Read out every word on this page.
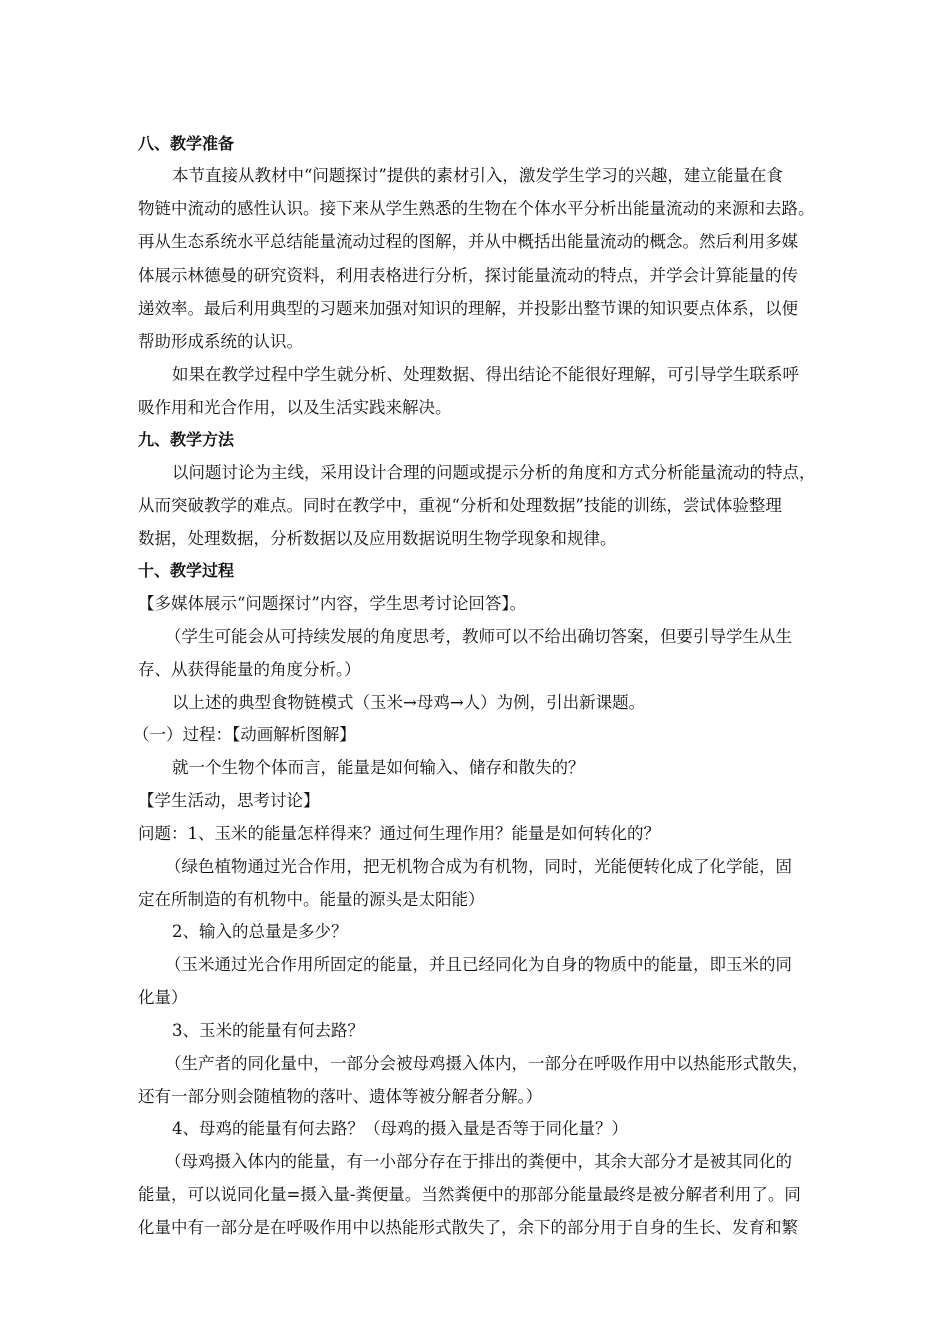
八、教学准备
本节直接从教材中“问题探讨”提供的素材引入，激发学生学习的兴趣，建立能量在食
物链中流动的感性认识。接下来从学生熟悉的生物在个体水平分析出能量流动的来源和去路。
再从生态系统水平总结能量流动过程的图解，并从中概括出能量流动的概念。然后利用多媒
体展示林德曼的研究资料，利用表格进行分析，探讨能量流动的特点，并学会计算能量的传
递效率。最后利用典型的习题来加强对知识的理解，并投影出整节课的知识要点体系，以便
帮助形成系统的认识。
如果在教学过程中学生就分析、处理数据、得出结论不能很好理解，可引导学生联系呼
吸作用和光合作用，以及生活实践来解决。
九、教学方法
以问题讨论为主线，采用设计合理的问题或提示分析的角度和方式分析能量流动的特点，
从而突破教学的难点。同时在教学中，重视“分析和处理数据”技能的训练，尝试体验整理
数据，处理数据，分析数据以及应用数据说明生物学现象和规律。
十、教学过程
【多媒体展示“问题探讨”内容，学生思考讨论回答】。
（学生可能会从可持续发展的角度思考，教师可以不给出确切答案，但要引导学生从生
存、从获得能量的角度分析。）
以上述的典型食物链模式（玉米→母鸡→人）为例，引出新课题。
（一）过程：【动画解析图解】
就一个生物个体而言，能量是如何输入、储存和散失的？
【学生活动，思考讨论】
问题：1、玉米的能量怎样得来？通过何生理作用？能量是如何转化的？
（绿色植物通过光合作用，把无机物合成为有机物，同时，光能便转化成了化学能，固
定在所制造的有机物中。能量的源头是太阳能）
2、输入的总量是多少？
（玉米通过光合作用所固定的能量，并且已经同化为自身的物质中的能量，即玉米的同
化量）
3、玉米的能量有何去路？
（生产者的同化量中，一部分会被母鸡摄入体内，一部分在呼吸作用中以热能形式散失，
还有一部分则会随植物的落叶、遗体等被分解者分解。）
4、母鸡的能量有何去路？（母鸡的摄入量是否等于同化量？）
（母鸡摄入体内的能量，有一小部分存在于排出的粪便中，其余大部分才是被其同化的
能量，可以说同化量=摄入量-粪便量。当然粪便中的那部分能量最终是被分解者利用了。同
化量中有一部分是在呼吸作用中以热能形式散失了，余下的部分用于自身的生长、发育和繁
